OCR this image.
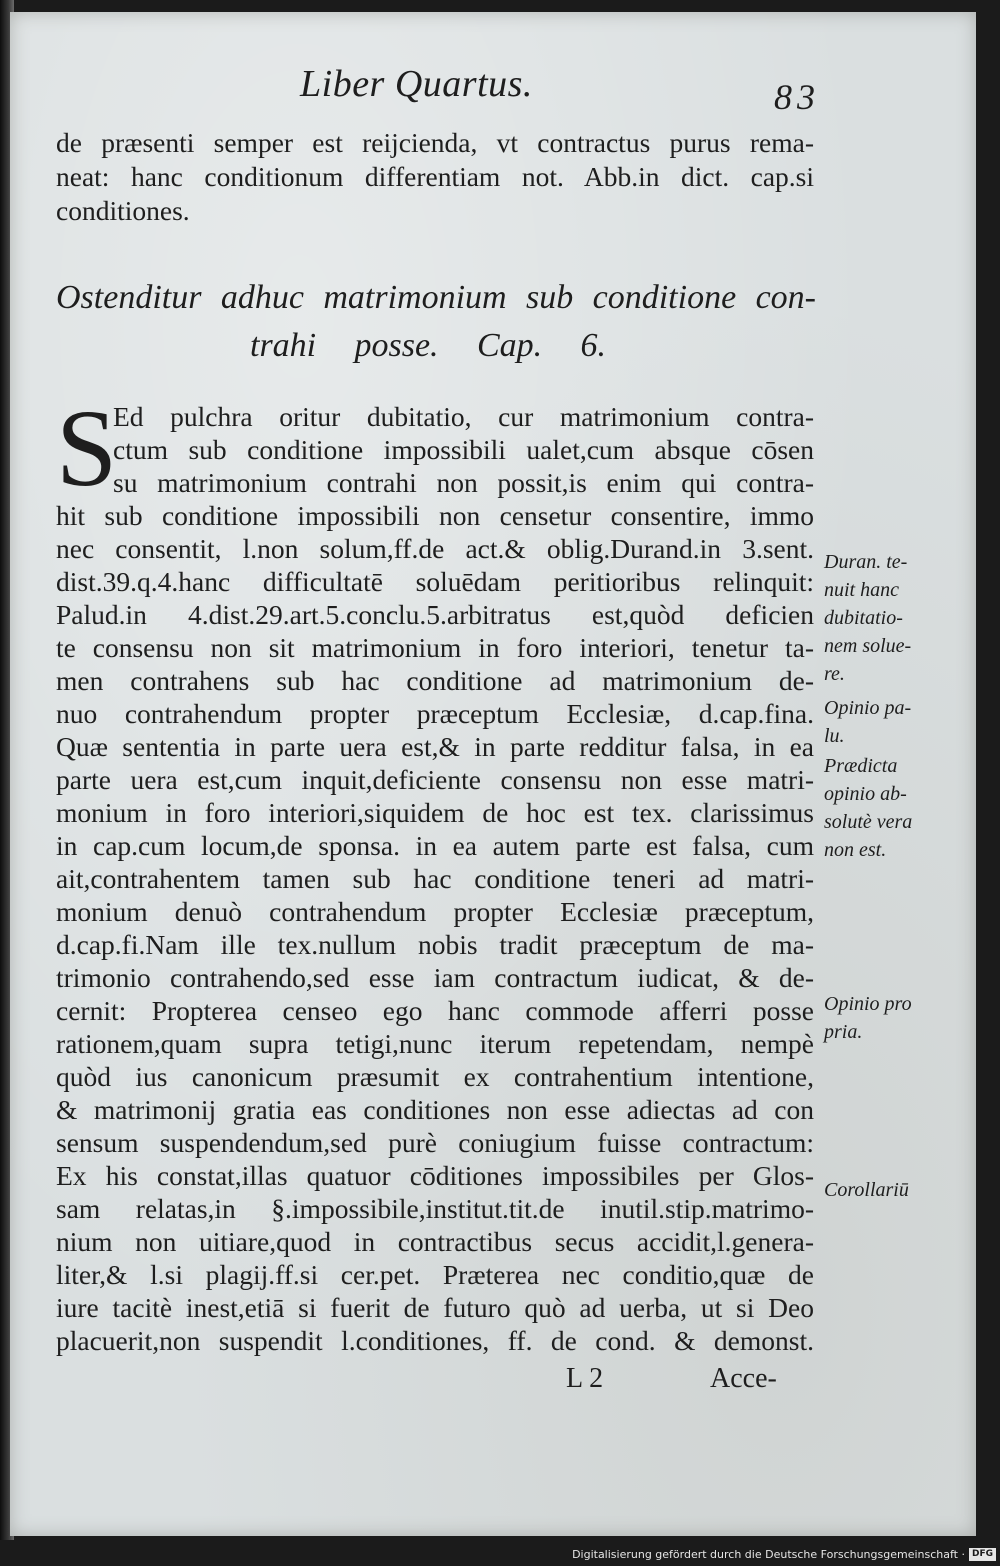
Liber Quartus.	83
de præsenti semper est reijcienda, vt contractus purus rema-
neat: hanc conditionum differentiam not. Abb.in dict. cap.si
conditiones.
Ostenditur adhuc matrimonium sub conditione con-
trahi posse. Cap. 6.
S
Ed pulchra oritur dubitatio, cur matrimonium contra-
ctum sub conditione impossibili ualet,cum absque cōsen
su matrimonium contrahi non possit,is enim qui contra-
hit sub conditione impossibili non censetur consentire, immo
nec consentit, l.non solum,ff.de act.& oblig.Durand.in 3.sent.
dist.39.q.4.hanc difficultatē soluēdam peritioribus relinquit:
Palud.in 4.dist.29.art.5.conclu.5.arbitratus est,quòd deficien
te consensu non sit matrimonium in foro interiori, tenetur ta-
men contrahens sub hac conditione ad matrimonium de-
nuo contrahendum propter præceptum Ecclesiæ, d.cap.fina.
Quæ sententia in parte uera est,& in parte redditur falsa, in ea
parte uera est,cum inquit,deficiente consensu non esse matri-
monium in foro interiori,siquidem de hoc est tex. clarissimus
in cap.cum locum,de sponsa. in ea autem parte est falsa, cum
ait,contrahentem tamen sub hac conditione teneri ad matri-
monium denuò contrahendum propter Ecclesiæ præceptum,
d.cap.fi.Nam ille tex.nullum nobis tradit præceptum de ma-
trimonio contrahendo,sed esse iam contractum iudicat, & de-
cernit: Propterea censeo ego hanc commode afferri posse
rationem,quam supra tetigi,nunc iterum repetendam, nempè
quòd ius canonicum præsumit ex contrahentium intentione,
& matrimonij gratia eas conditiones non esse adiectas ad con
sensum suspendendum,sed purè coniugium fuisse contractum:
Ex his constat,illas quatuor cōditiones impossibiles per Glos-
sam relatas,in §.impossibile,institut.tit.de inutil.stip.matrimo-
nium non uitiare,quod in contractibus secus accidit,l.genera-
liter,& l.si plagij.ff.si cer.pet. Præterea nec conditio,quæ de
iure tacitè inest,etiā si fuerit de futuro quò ad uerba, ut si Deo
placuerit,non suspendit l.conditiones, ff. de cond. & demonst.
L 2	Acce-
Duran. te-
nuit hanc
dubitatio-
nem solue-
re.
Opinio pa-
lu.
Prædicta
opinio ab-
solutè vera
non est.
Opinio pro
pria.
Corollariū
Digitalisierung gefördert durch die Deutsche Forschungsgemeinschaft · DFG
